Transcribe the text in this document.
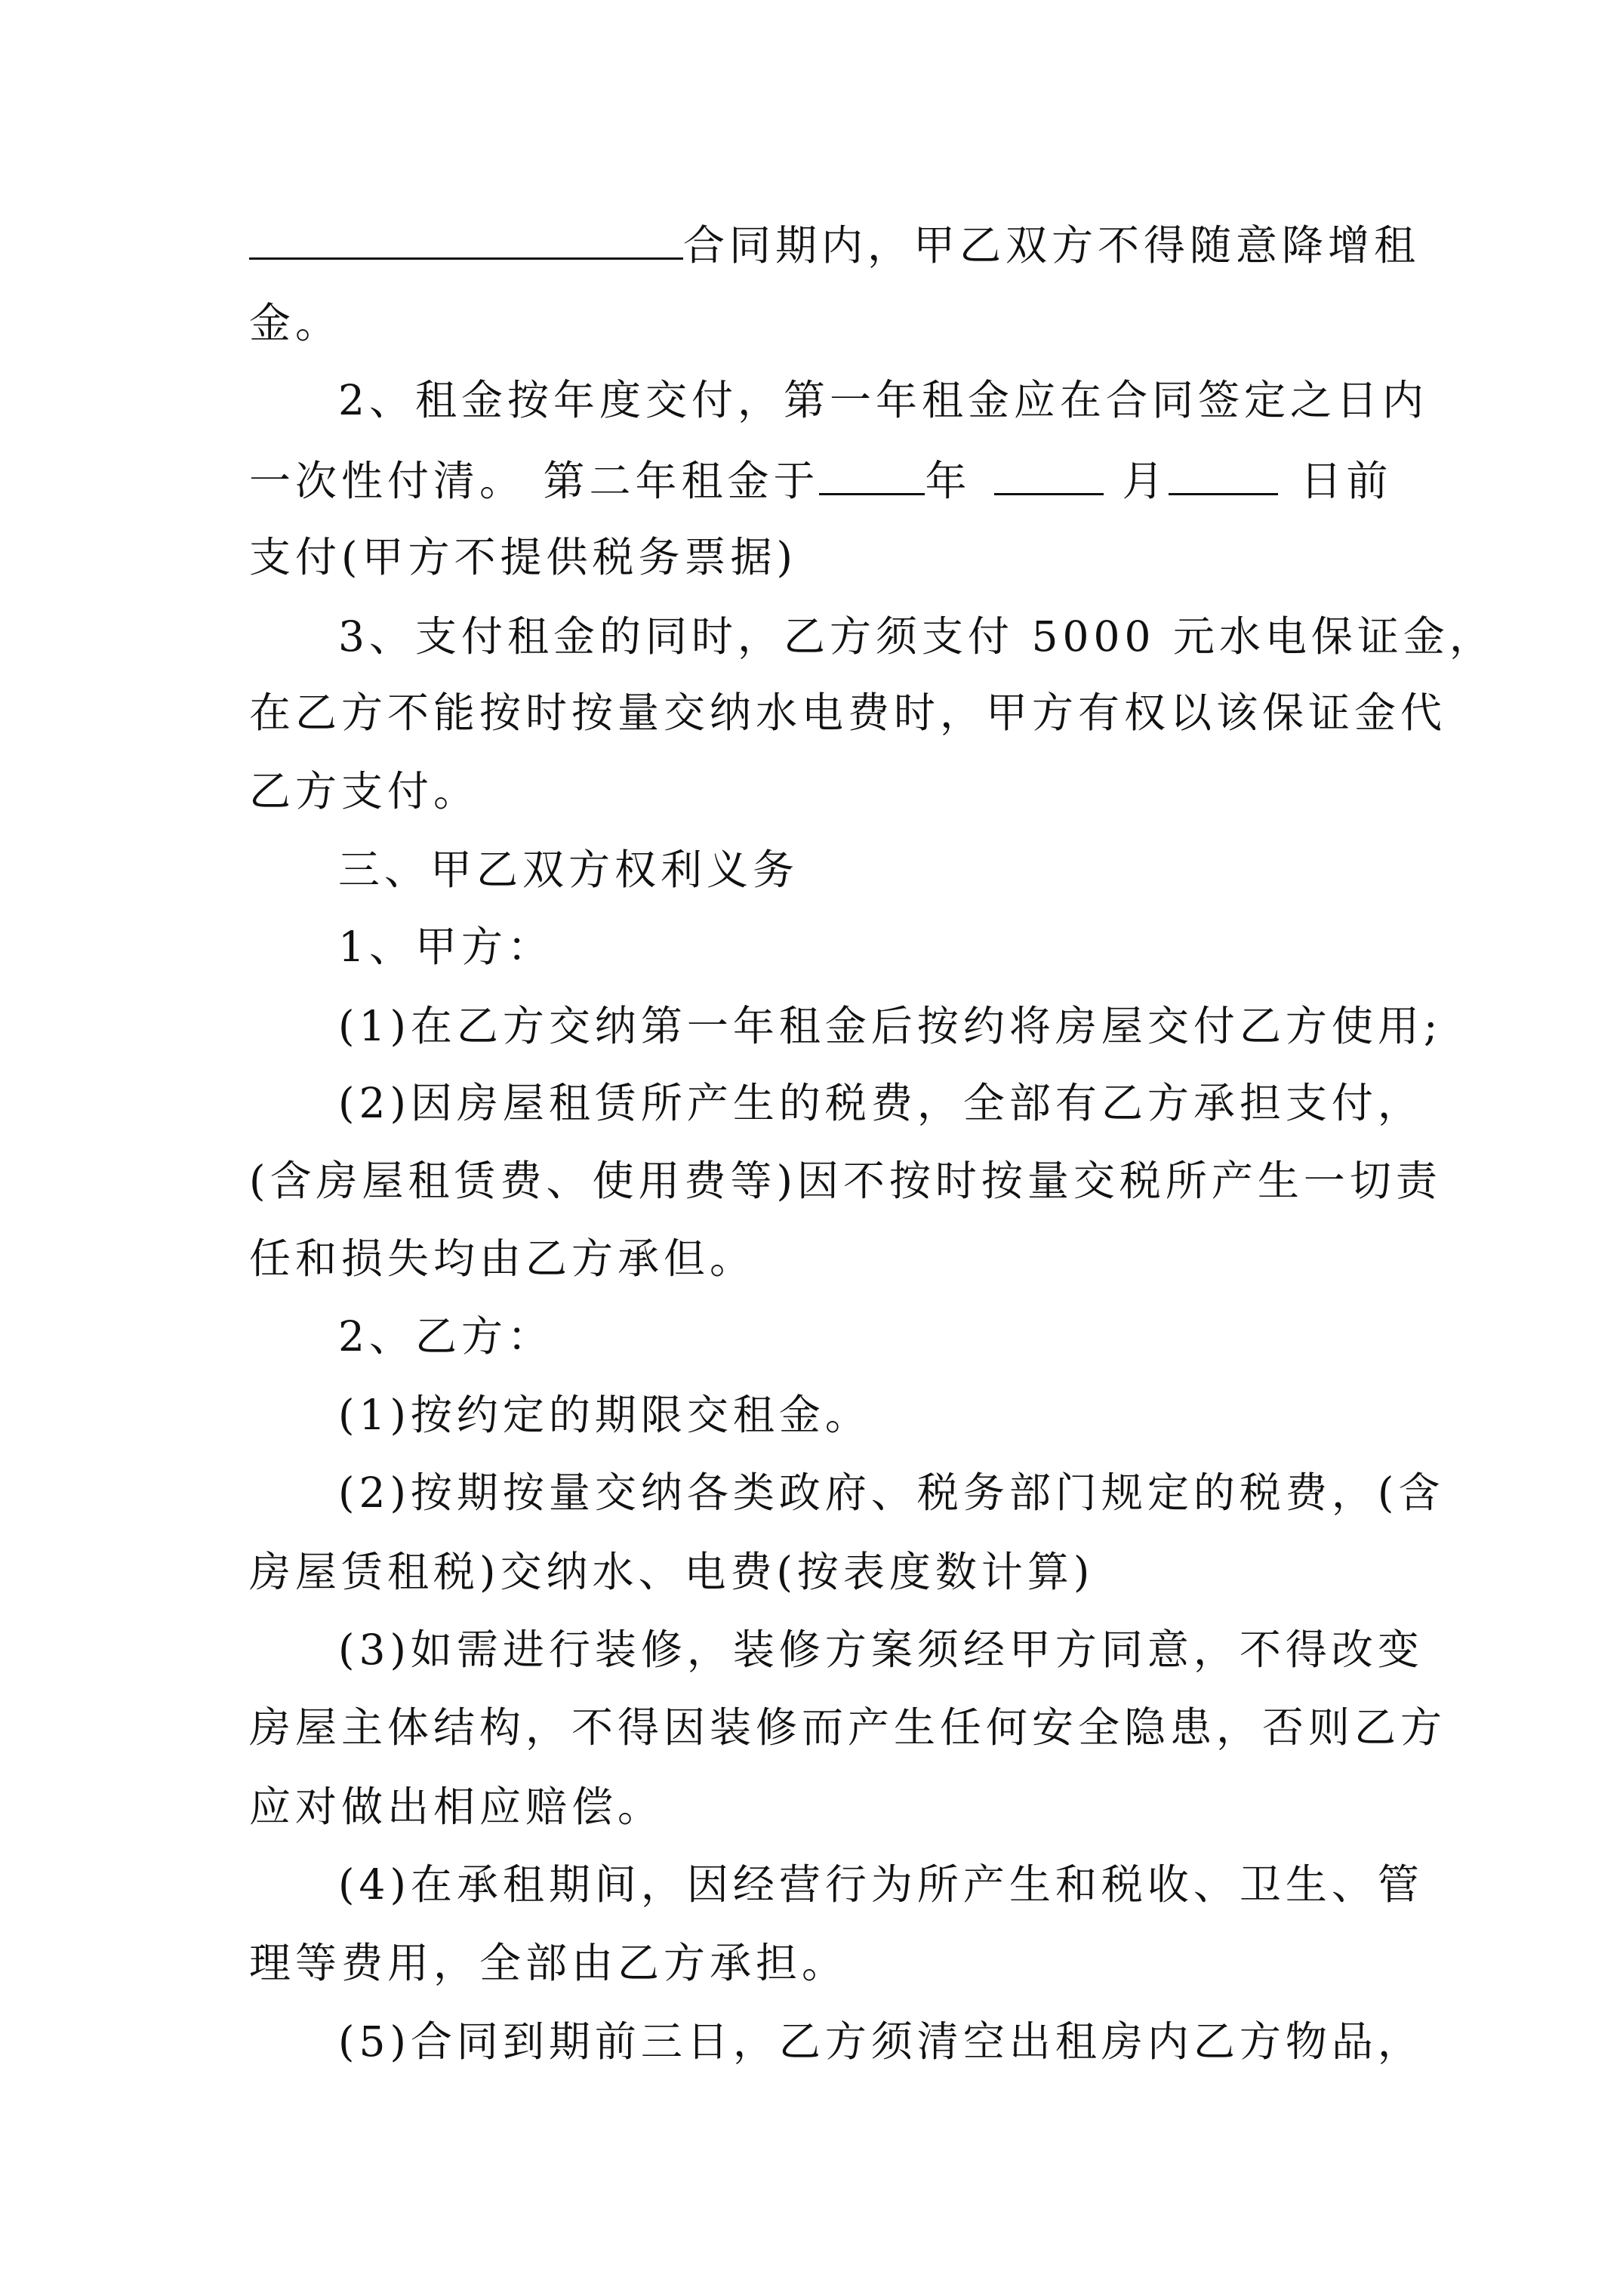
合同期内，甲乙双方不得随意降增租
金。
2、租金按年度交付，第一年租金应在合同签定之日内
一次性付清。 第二年租金于	年	月	日前
支付(甲方不提供税务票据)
3、支付租金的同时，乙方须支付 5000 元水电保证金，
在乙方不能按时按量交纳水电费时，甲方有权以该保证金代
乙方支付。
三、甲乙双方权利义务
1、甲方：
(1)在乙方交纳第一年租金后按约将房屋交付乙方使用;
(2)因房屋租赁所产生的税费，全部有乙方承担支付，
(含房屋租赁费、使用费等)因不按时按量交税所产生一切责
任和损失均由乙方承但。
2、乙方：
(1)按约定的期限交租金。
(2)按期按量交纳各类政府、税务部门规定的税费，(含
房屋赁租税)交纳水、电费(按表度数计算)
(3)如需进行装修，装修方案须经甲方同意，不得改变
房屋主体结构，不得因装修而产生任何安全隐患，否则乙方
应对做出相应赔偿。
(4)在承租期间，因经营行为所产生和税收、卫生、管
理等费用，全部由乙方承担。
(5)合同到期前三日，乙方须清空出租房内乙方物品，
